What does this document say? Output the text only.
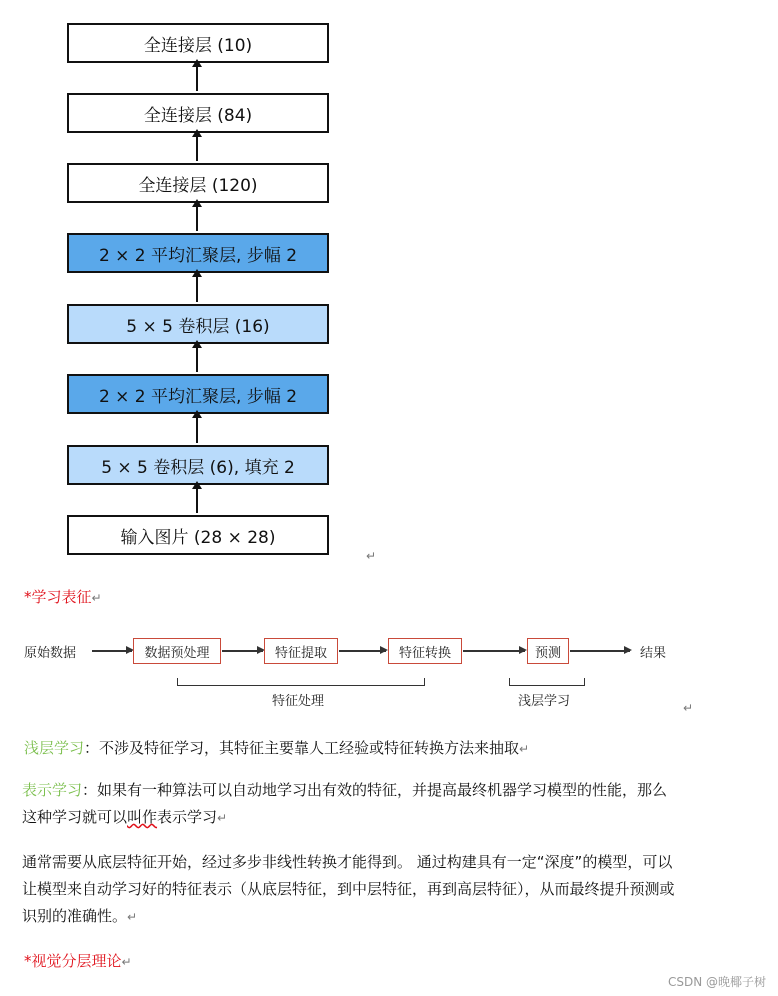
全连接层 (10)
全连接层 (84)
全连接层 (120)
2 × 2 平均汇聚层, 步幅 2
5 × 5 卷积层 (16)
2 × 2 平均汇聚层, 步幅 2
5 × 5 卷积层 (6), 填充 2
输入图片 (28 × 28)
↵
*学习表征↵
原始数据	数据预处理	特征提取	特征转换	预测	结果
特征处理	浅层学习	↵
浅层学习：不涉及特征学习，其特征主要靠人工经验或特征转换方法来抽取↵
表示学习：如果有一种算法可以自动地学习出有效的特征，并提高最终机器学习模型的性能，那么这种学习就可以叫作表示学习↵
通常需要从底层特征开始，经过多步非线性转换才能得到。 通过构建具有一定“深度”的模型，可以让模型来自动学习好的特征表示（从底层特征，到中层特征，再到高层特征），从而最终提升预测或识别的准确性。↵
*视觉分层理论↵
CSDN @晚椰子树
